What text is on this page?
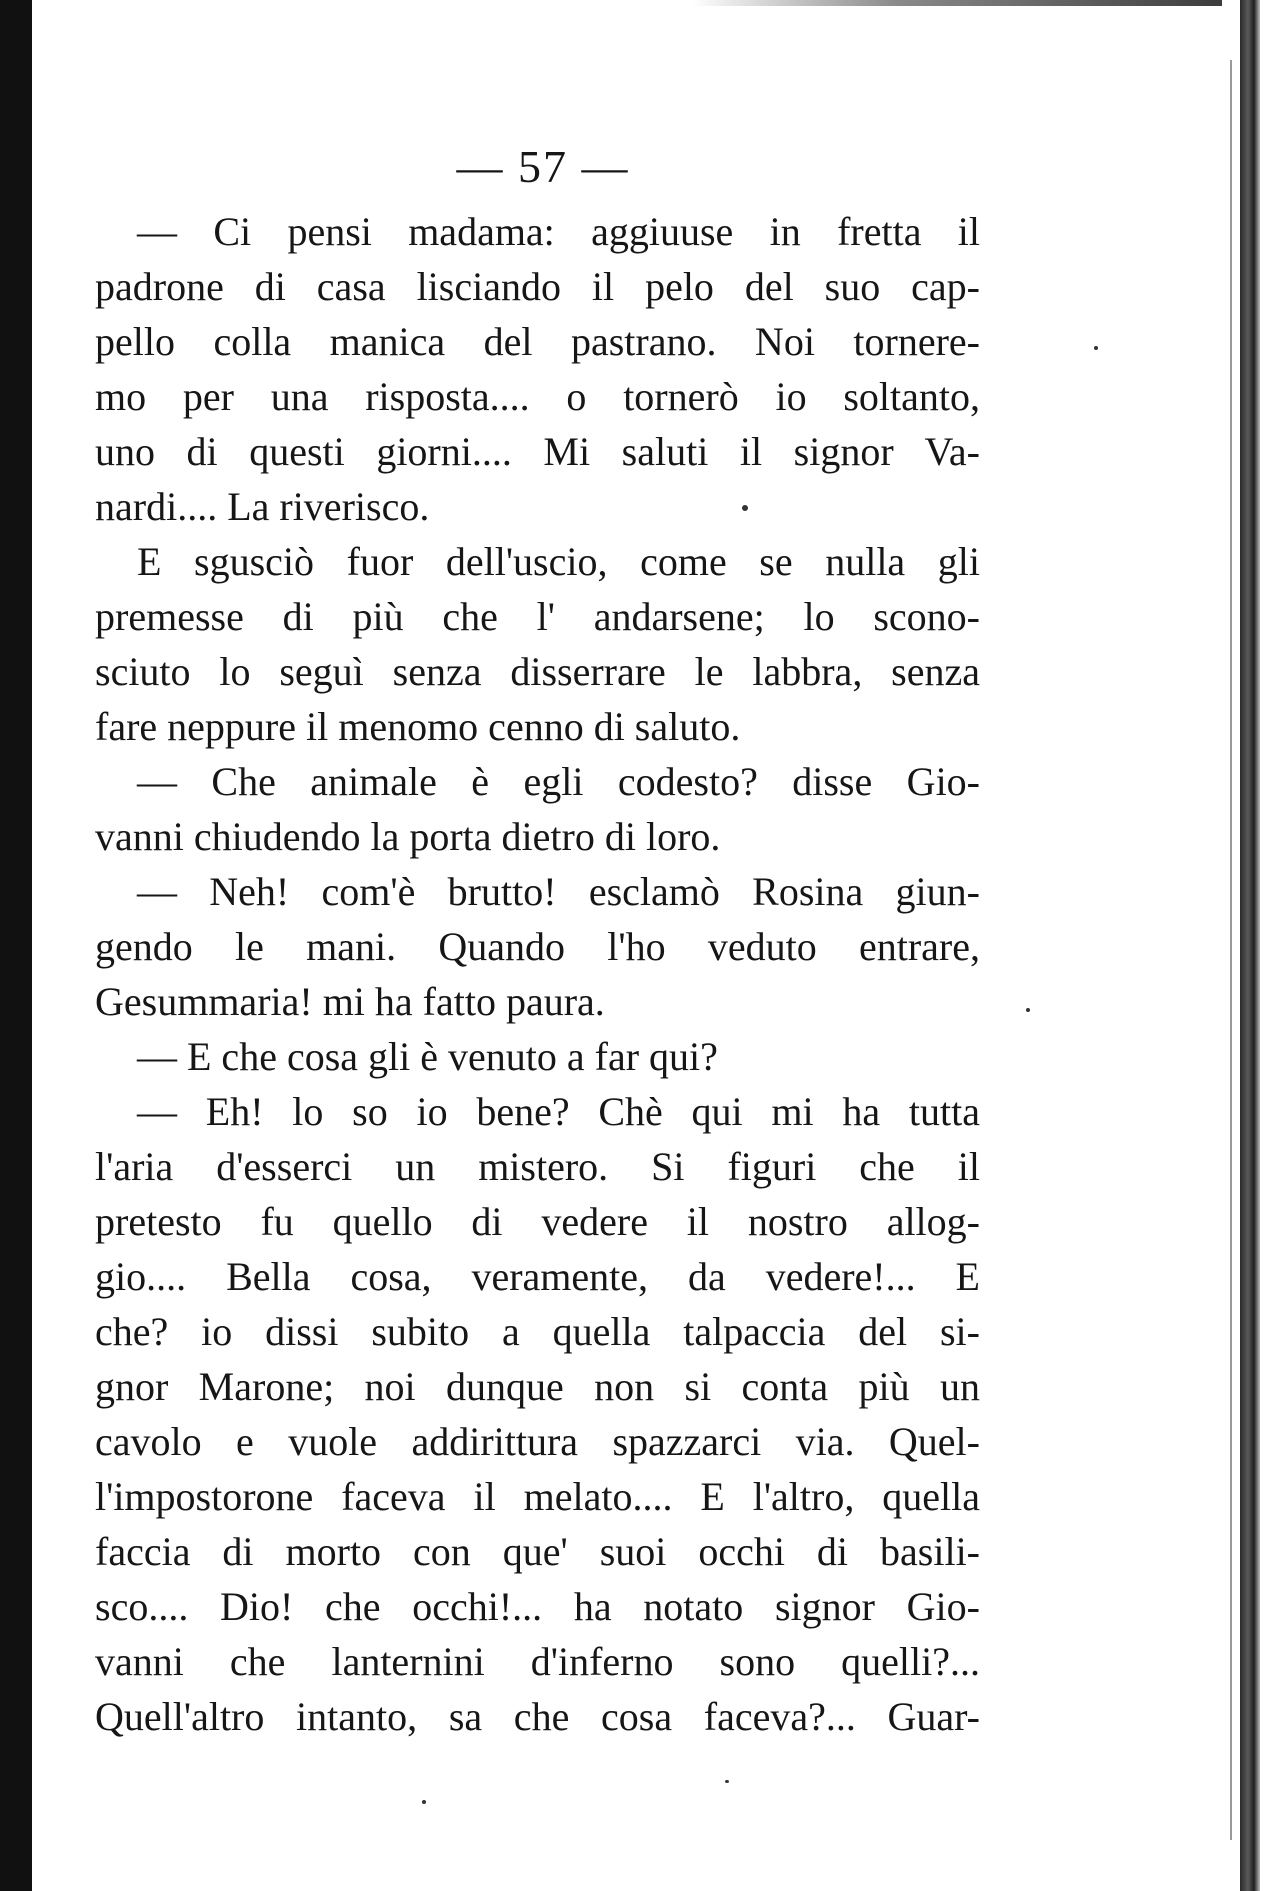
— 57 —
— Ci pensi madama: aggiuuse in fretta il
padrone di casa lisciando il pelo del suo cap-
pello colla manica del pastrano. Noi tornere-
mo per una risposta.... o tornerò io soltanto,
uno di questi giorni.... Mi saluti il signor Va-
nardi.... La riverisco.
E sgusciò fuor dell'uscio, come se nulla gli
premesse di più che l' andarsene; lo scono-
sciuto lo seguì senza disserrare le labbra, senza
fare neppure il menomo cenno di saluto.
— Che animale è egli codesto? disse Gio-
vanni chiudendo la porta dietro di loro.
— Neh! com'è brutto! esclamò Rosina giun-
gendo le mani. Quando l'ho veduto entrare,
Gesummaria! mi ha fatto paura.
— E che cosa gli è venuto a far qui?
— Eh! lo so io bene? Chè qui mi ha tutta
l'aria d'esserci un mistero. Si figuri che il
pretesto fu quello di vedere il nostro allog-
gio.... Bella cosa, veramente, da vedere!... E
che? io dissi subito a quella talpaccia del si-
gnor Marone; noi dunque non si conta più un
cavolo e vuole addirittura spazzarci via. Quel-
l'impostorone faceva il melato.... E l'altro, quella
faccia di morto con que' suoi occhi di basili-
sco.... Dio! che occhi!... ha notato signor Gio-
vanni che lanternini d'inferno sono quelli?...
Quell'altro intanto, sa che cosa faceva?... Guar-
